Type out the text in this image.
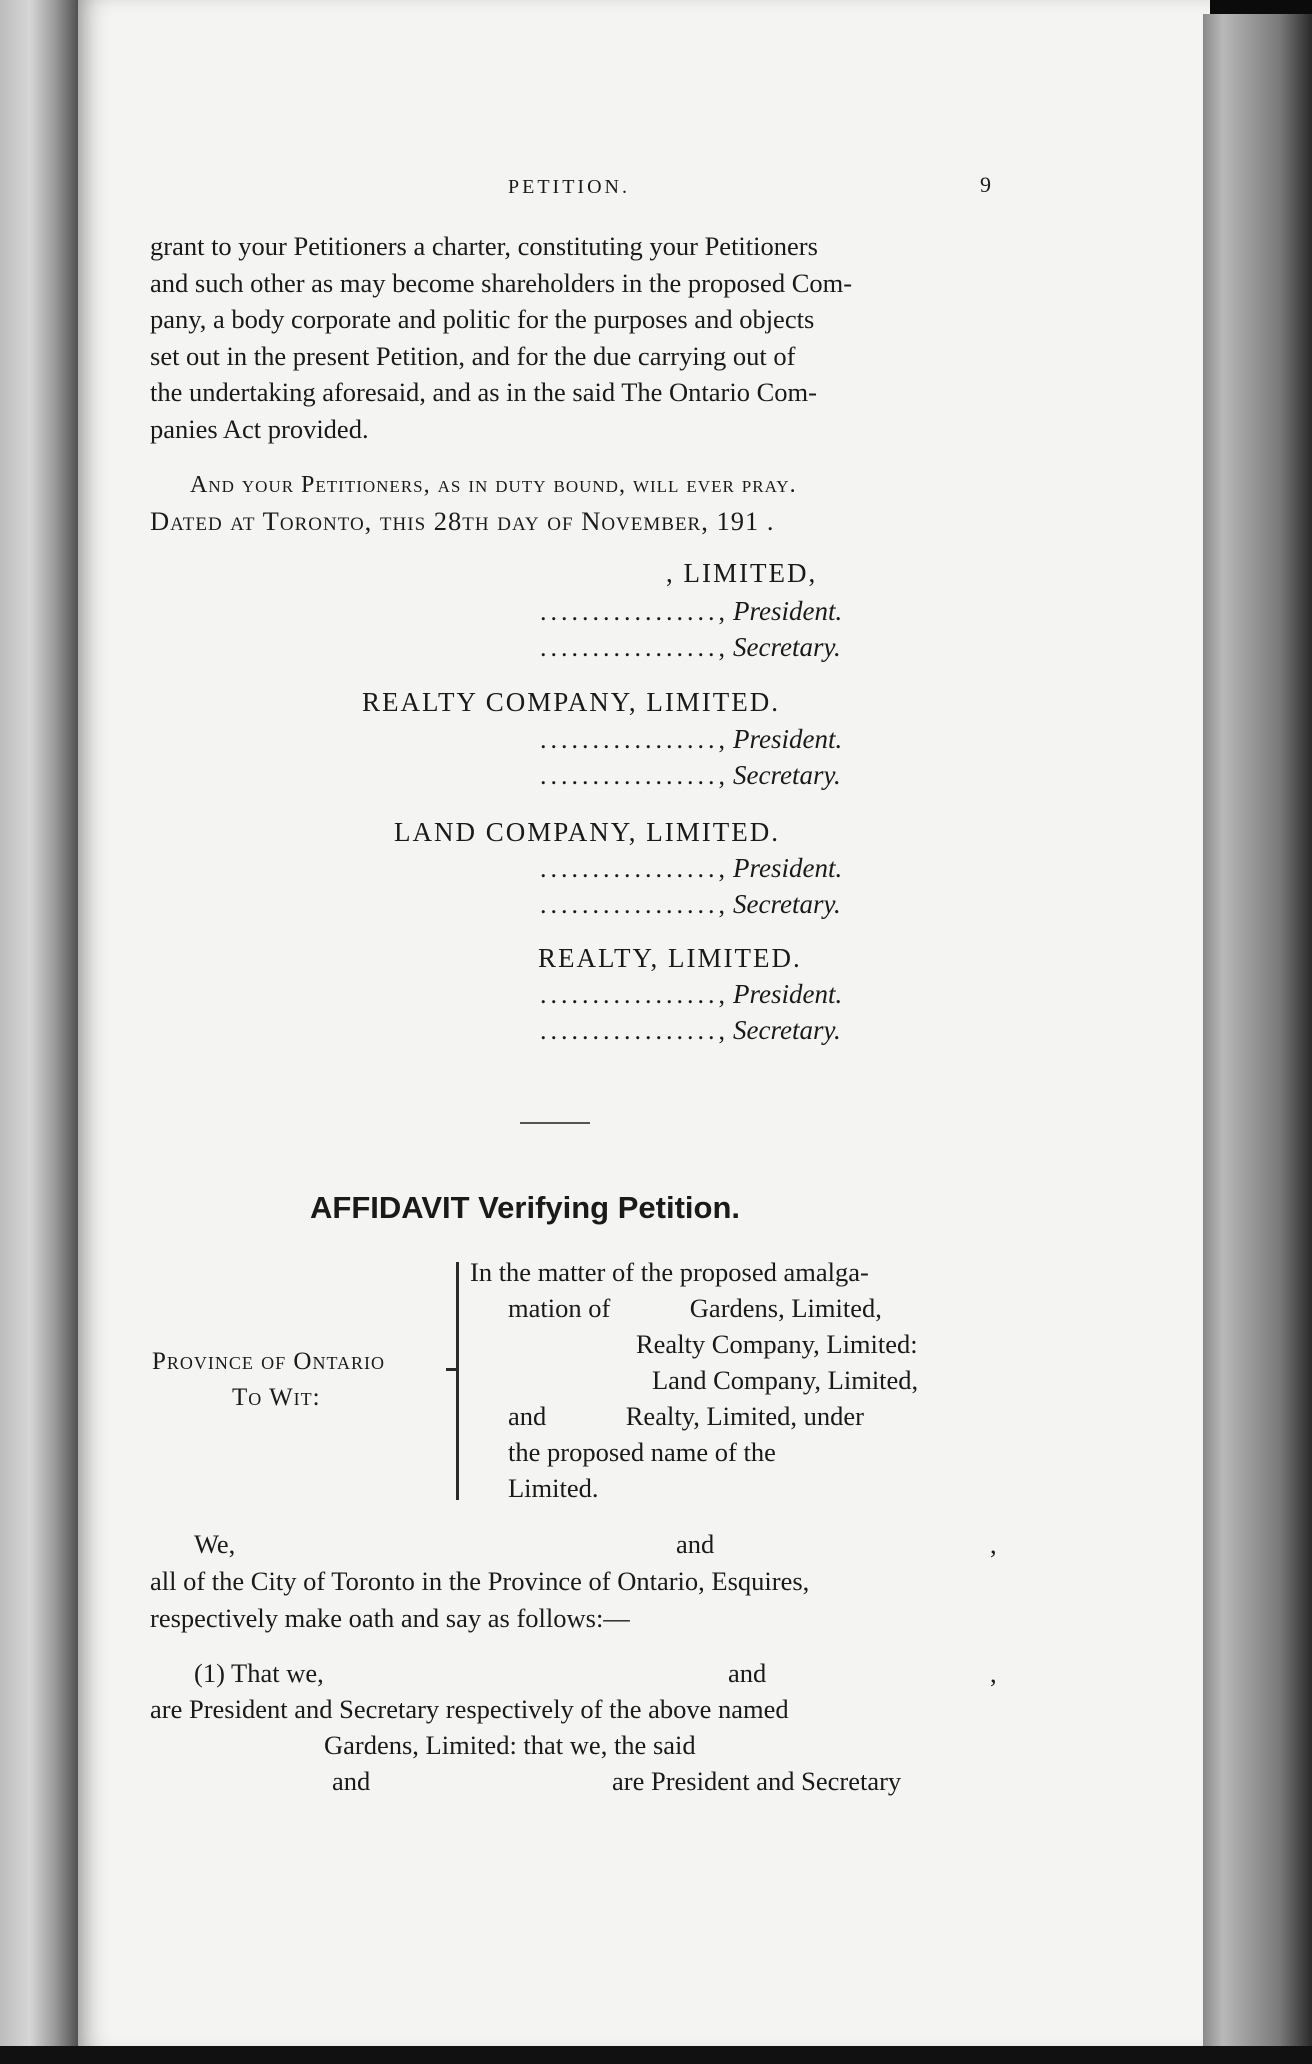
PETITION.	9
grant to your Petitioners a charter, constituting your Petitioners
and such other as may become shareholders in the proposed Com-
pany, a body corporate and politic for the purposes and objects
set out in the present Petition, and for the due carrying out of
the undertaking aforesaid, and as in the said The Ontario Com-
panies Act provided.
And your Petitioners, as in duty bound, will ever pray.
Dated at Toronto, this 28th day of November, 191 .
, LIMITED,
................., President.
................., Secretary.
REALTY COMPANY, LIMITED.
................., President.
................., Secretary.
LAND COMPANY, LIMITED.
................., President.
................., Secretary.
REALTY, LIMITED.
................., President.
................., Secretary.
AFFIDAVIT Verifying Petition.
Province of Ontario
To Wit:
In the matter of the proposed amalga-
mation of            Gardens, Limited,
Realty Company, Limited:
Land Company, Limited,
and            Realty, Limited, under
the proposed name of the
Limited.
We,	and	,
all of the City of Toronto in the Province of Ontario, Esquires,
respectively make oath and say as follows:—
(1) That we,	and	,
are President and Secretary respectively of the above named
Gardens, Limited: that we, the said
and	are President and Secretary
